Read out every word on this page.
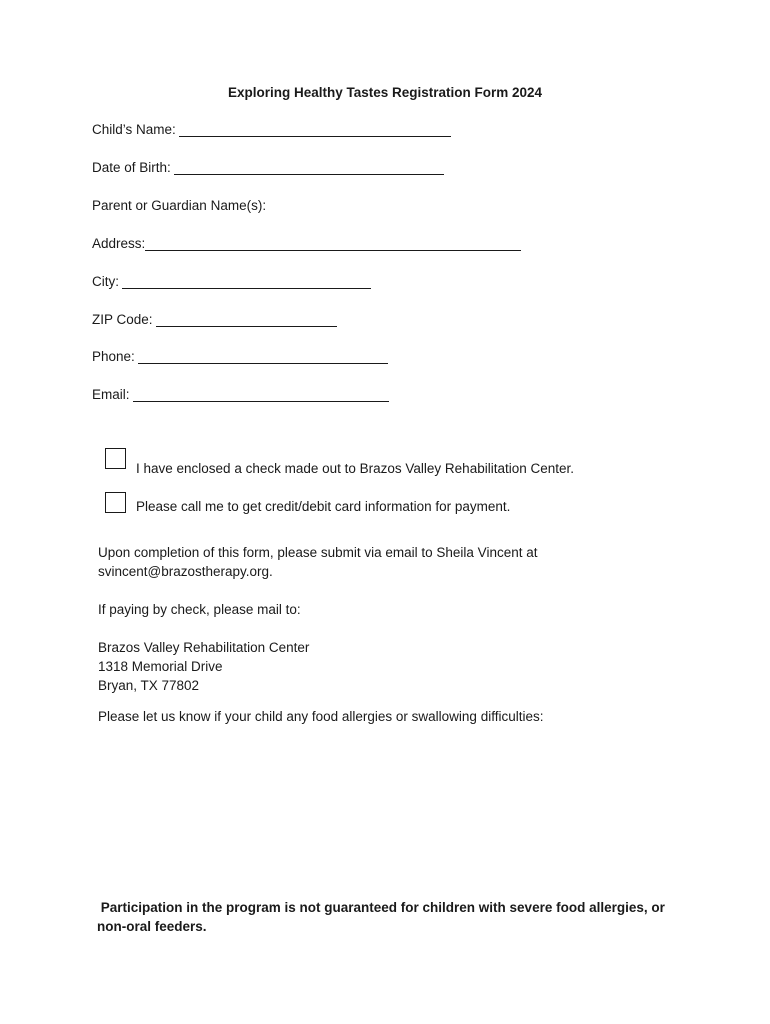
Exploring Healthy Tastes Registration Form 2024
Child’s Name:
Date of Birth:
Parent or Guardian Name(s):
Address:
City:
ZIP Code:
Phone:
Email:
I have enclosed a check made out to Brazos Valley Rehabilitation Center.
Please call me to get credit/debit card information for payment.
Upon completion of this form, please submit via email to Sheila Vincent at
svincent@brazostherapy.org.
If paying by check, please mail to:
Brazos Valley Rehabilitation Center
1318 Memorial Drive
Bryan, TX 77802
Please let us know if your child any food allergies or swallowing difficulties:
Participation in the program is not guaranteed for children with severe food allergies, or
non-oral feeders.
